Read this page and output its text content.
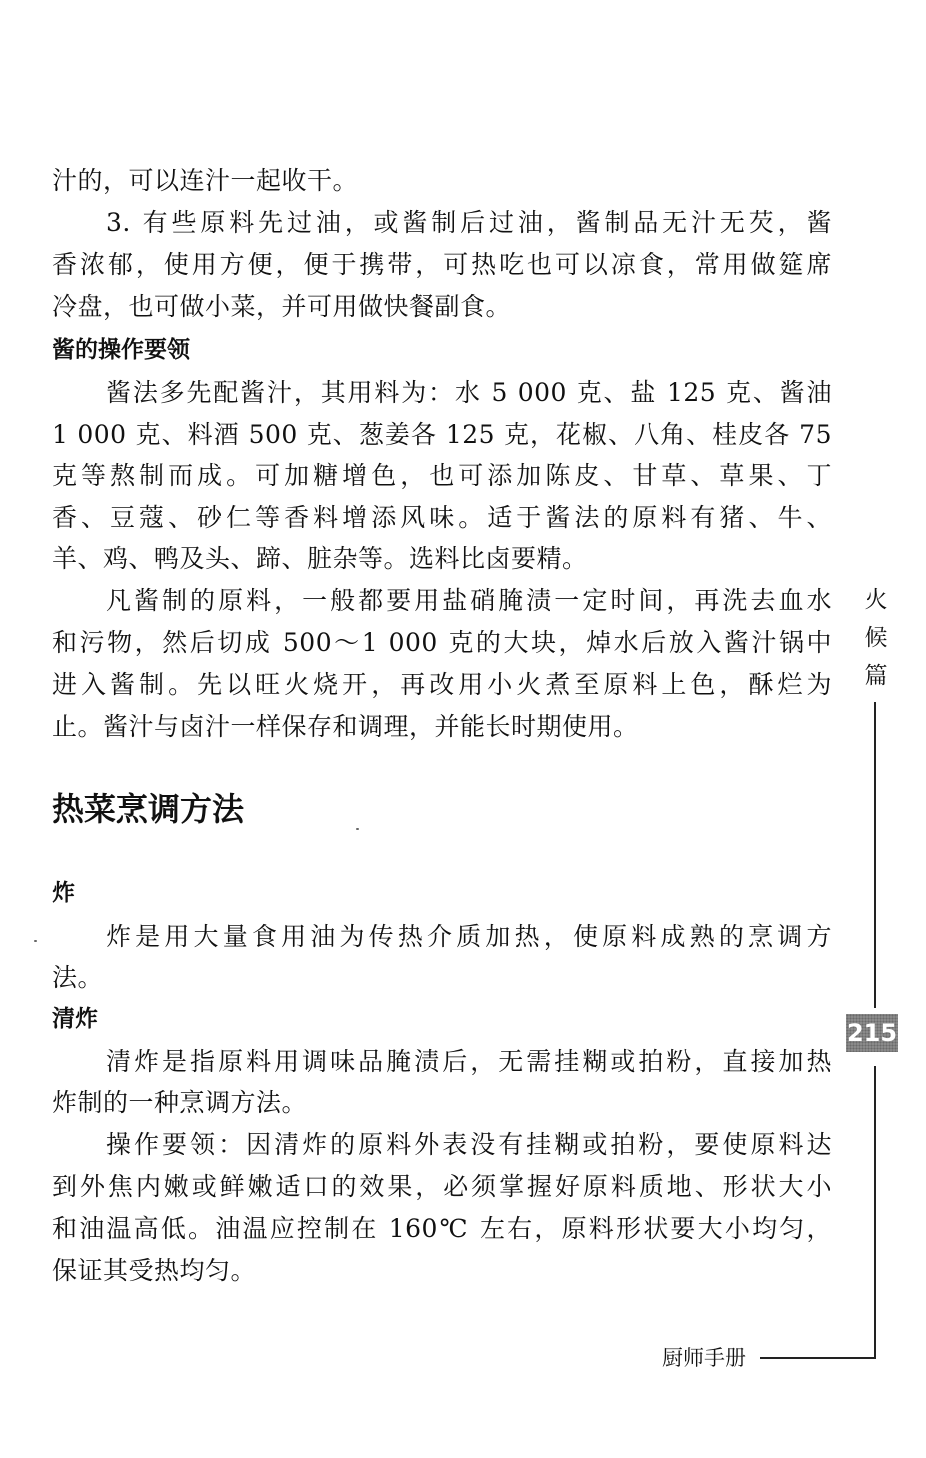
汁的，可以连汁一起收干。
3. 有些原料先过油，或酱制后过油，酱制品无汁无芡，酱
香浓郁，使用方便，便于携带，可热吃也可以凉食，常用做筵席
冷盘，也可做小菜，并可用做快餐副食。
酱的操作要领
酱法多先配酱汁，其用料为：水 5 000 克、盐 125 克、酱油
1 000 克、料酒 500 克、葱姜各 125 克，花椒、八角、桂皮各 75
克等熬制而成。可加糖增色，也可添加陈皮、甘草、草果、丁
香、豆蔻、砂仁等香料增添风味。适于酱法的原料有猪、牛、
羊、鸡、鸭及头、蹄、脏杂等。选料比卤要精。
凡酱制的原料，一般都要用盐硝腌渍一定时间，再洗去血水
和污物，然后切成 500～1 000 克的大块，焯水后放入酱汁锅中
进入酱制。先以旺火烧开，再改用小火煮至原料上色，酥烂为
止。酱汁与卤汁一样保存和调理，并能长时期使用。
热菜烹调方法
炸
炸是用大量食用油为传热介质加热，使原料成熟的烹调方
法。
清炸
清炸是指原料用调味品腌渍后，无需挂糊或拍粉，直接加热
炸制的一种烹调方法。
操作要领：因清炸的原料外表没有挂糊或拍粉，要使原料达
到外焦内嫩或鲜嫩适口的效果，必须掌握好原料质地、形状大小
和油温高低。油温应控制在 160℃ 左右，原料形状要大小均匀，
保证其受热均匀。
火
候
篇
215
厨师手册
